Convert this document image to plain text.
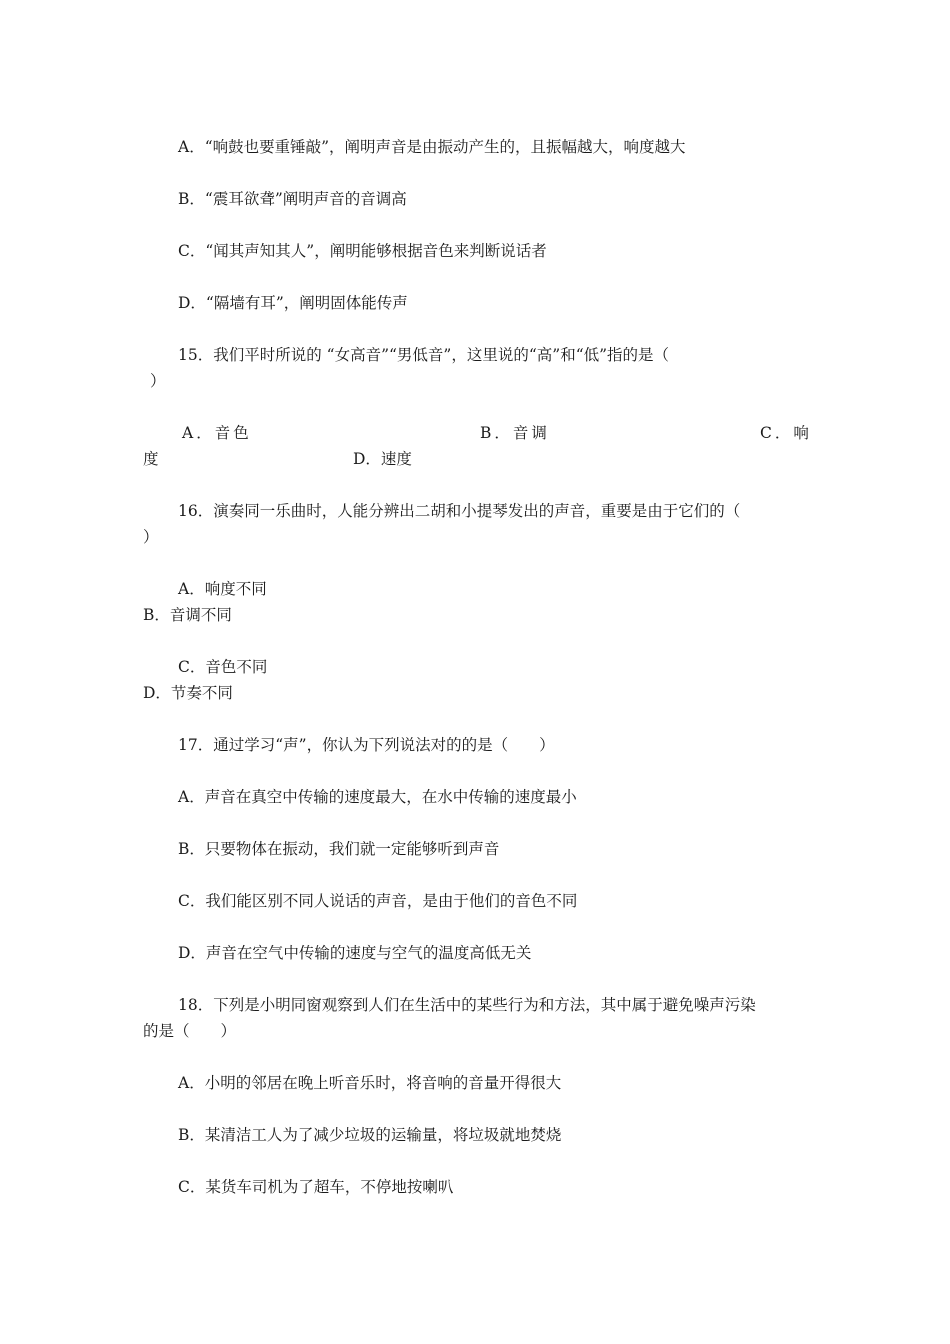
A．“响鼓也要重锤敲”，阐明声音是由振动产生的，且振幅越大，响度越大
B．“震耳欲聋”阐明声音的音调高
C．“闻其声知其人”，阐明能够根据音色来判断说话者
D．“隔墙有耳”，阐明固体能传声
15．我们平时所说的 “女高音”“男低音”，这里说的“高”和“低”指的是（
）
A．音色	B．音调	C．响
度	D．速度
16．演奏同一乐曲时，人能分辨出二胡和小提琴发出的声音，重要是由于它们的（
）
A．响度不同
B．音调不同
C．音色不同
D．节奏不同
17．通过学习“声”，你认为下列说法对的的是（　　）
A．声音在真空中传输的速度最大，在水中传输的速度最小
B．只要物体在振动，我们就一定能够听到声音
C．我们能区别不同人说话的声音，是由于他们的音色不同
D．声音在空气中传输的速度与空气的温度高低无关
18．下列是小明同窗观察到人们在生活中的某些行为和方法，其中属于避免噪声污染
的是（　　）
A．小明的邻居在晚上听音乐时，将音响的音量开得很大
B．某清洁工人为了减少垃圾的运输量，将垃圾就地焚烧
C．某货车司机为了超车，不停地按喇叭
